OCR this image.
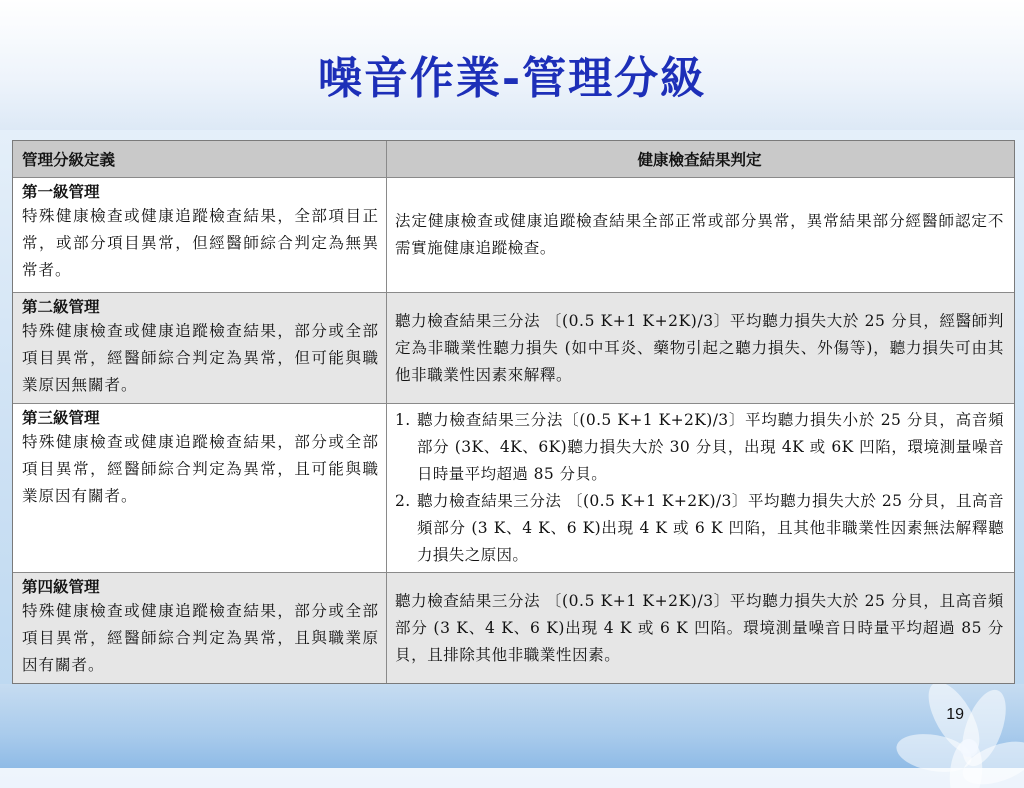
噪音作業-管理分級
管理分級定義	健康檢查結果判定
第一級管理
特殊健康檢查或健康追蹤檢查結果，全部項目正常，或部分項目異常，但經醫師綜合判定為無異常者。

法定健康檢查或健康追蹤檢查結果全部正常或部分異常，異常結果部分經醫師認定不需實施健康追蹤檢查。

第二級管理
特殊健康檢查或健康追蹤檢查結果，部分或全部項目異常，經醫師綜合判定為異常，但可能與職業原因無關者。

聽力檢查結果三分法 〔(0.5 K+1 K+2K)/3〕平均聽力損失大於 25 分貝，經醫師判定為非職業性聽力損失 (如中耳炎、藥物引起之聽力損失、外傷等)，聽力損失可由其他非職業性因素來解釋。

第三級管理
特殊健康檢查或健康追蹤檢查結果，部分或全部項目異常，經醫師綜合判定為異常，且可能與職業原因有關者。
1. 聽力檢查結果三分法〔(0.5 K+1 K+2K)/3〕平均聽力損失小於 25 分貝，高音頻部分 (3K、4K、6K)聽力損失大於 30 分貝，出現 4K 或 6K 凹陷，環境測量噪音日時量平均超過 85 分貝。
2. 聽力檢查結果三分法 〔(0.5 K+1 K+2K)/3〕平均聽力損失大於 25 分貝，且高音頻部分 (3 K、4 K、6 K)出現 4 K 或 6 K 凹陷，且其他非職業性因素無法解釋聽力損失之原因。
第四級管理
特殊健康檢查或健康追蹤檢查結果，部分或全部項目異常，經醫師綜合判定為異常，且與職業原因有關者。

聽力檢查結果三分法 〔(0.5 K+1 K+2K)/3〕平均聽力損失大於 25 分貝，且高音頻部分 (3 K、4 K、6 K)出現 4 K 或 6 K 凹陷。環境測量噪音日時量平均超過 85 分貝，且排除其他非職業性因素。

19
